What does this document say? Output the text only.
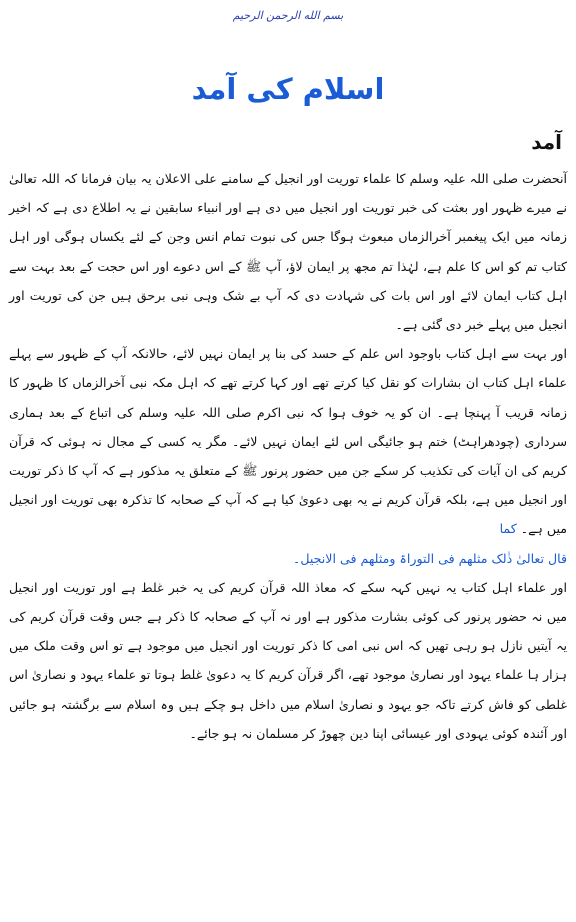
بسم الله الرحمن الرحيم
اسلام کی آمد
آمد

آنحضرت صلی اللہ علیہ وسلم کا علماء توریت اور انجیل کے سامنے علی الاعلان یہ بیان فرمانا کہ اللہ تعالیٰ نے میرے ظہور اور بعثت کی خبر توریت اور انجیل میں دی ہے اور انبیاء سابقین نے یہ اطلاع دی ہے کہ اخیر زمانہ میں ایک پیغمبر آخرالزماں مبعوث ہوگا جس کی نبوت تمام انس وجن کے لئے یکساں ہوگی اور اہل کتاب تم کو اس کا علم ہے، لہٰذا تم مجھ پر ایمان لاؤ، آپ ﷺ کے اس دعوے اور اس حجت کے بعد بہت سے اہل کتاب ایمان لائے اور اس بات کی شہادت دی کہ آپ بے شک وہی نبی برحق ہیں جن کی توریت اور انجیل میں پہلے خبر دی گئی ہے۔

اور بہت سے اہل کتاب باوجود اس علم کے حسد کی بنا پر ایمان نہیں لائے، حالانکہ آپ کے ظہور سے پہلے علماء اہل کتاب ان بشارات کو نقل کیا کرتے تھے اور کہا کرتے تھے کہ اہل مکہ نبی آخرالزماں کا ظہور کا زمانہ قریب آ پہنچا ہے۔ ان کو یہ خوف ہوا کہ نبی اکرم صلی اللہ علیہ وسلم کی اتباع کے بعد ہماری سرداری (چودھراہٹ) ختم ہو جائیگی اس لئے ایمان نہیں لائے۔ مگر یہ کسی کے مجال نہ ہوئی کہ قرآن کریم کی ان آیات کی تکذیب کر سکے جن میں حضور پرنور ﷺ کے متعلق یہ مذکور ہے کہ آپ کا ذکر توریت اور انجیل میں ہے، بلکہ قرآن کریم نے یہ بھی دعویٰ کیا ہے کہ آپ کے صحابہ کا تذکرہ بھی توریت اور انجیل میں ہے۔ کما

قال تعالیٰ ذٰلک مثلھم فی التوراۃ ومثلھم فی الانجیل۔

اور علماء اہل کتاب یہ نہیں کہہ سکے کہ معاذ اللہ قرآن کریم کی یہ خبر غلط ہے اور توریت اور انجیل میں نہ حضور پرنور کی کوئی بشارت مذکور ہے اور نہ آپ کے صحابہ کا ذکر ہے جس وقت قرآن کریم کی یہ آیتیں نازل ہو رہی تھیں کہ اس نبی امی کا ذکر توریت اور انجیل میں موجود ہے تو اس وقت ملک میں ہزار ہا علماء یہود اور نصاریٰ موجود تھے، اگر قرآن کریم کا یہ دعویٰ غلط ہوتا تو علماء یہود و نصاریٰ اس غلطی کو فاش کرتے تاکہ جو یہود و نصاریٰ اسلام میں داخل ہو چکے ہیں وہ اسلام سے برگشتہ ہو جائیں اور آئندہ کوئی یہودی اور عیسائی اپنا دین چھوڑ کر مسلمان نہ ہو جائے۔
